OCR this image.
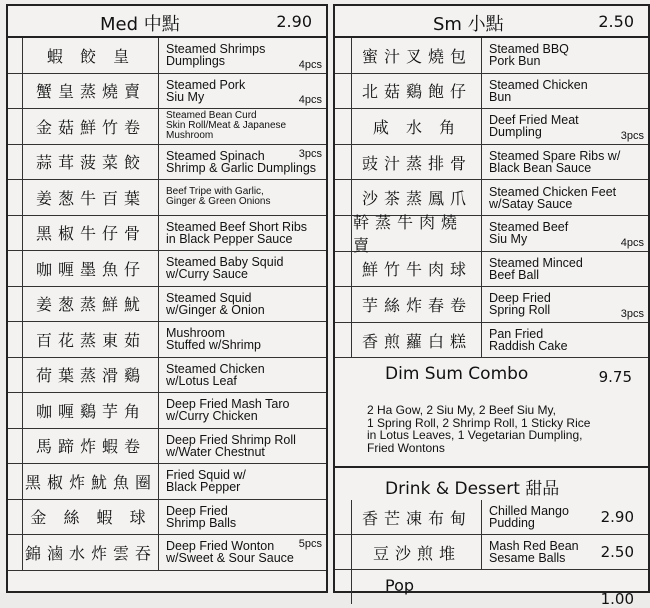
Med 中點	2.90
蝦 餃 皇	Steamed Shrimps
Dumplings	4pcs
蟹皇蒸燒賣	Steamed Pork
Siu My	4pcs
金菇鮮竹卷
Steamed Bean Curd
Skin Roll/Meat & Japanese
Mushroom
蒜茸菠菜餃	Steamed Spinach
Shrimp & Garlic Dumplings
3pcs
姜葱牛百葉	Beef Tripe with Garlic,
Ginger & Green Onions
黑椒牛仔骨	Steamed Beef Short Ribs
in Black Pepper Sauce
咖喱墨魚仔	Steamed Baby Squid
w/Curry Sauce
姜葱蒸鮮魷	Steamed Squid
w/Ginger & Onion
百花蒸東茹	Mushroom
Stuffed w/Shrimp
荷葉蒸滑鷄	Steamed Chicken
w/Lotus Leaf
咖喱鷄芋角	Deep Fried Mash Taro
w/Curry Chicken
馬蹄炸蝦卷	Deep Fried Shrimp Roll
w/Water Chestnut
黑椒炸魷魚圈 Fried Squid w/
Black Pepper
金 絲 蝦 球	Deep Fried
Shrimp Balls
錦滷水炸雲吞 Deep Fried Wonton
w/Sweet & Sour Sauce
5pcs
Sm 小點	2.50
蜜汁叉燒包	Steamed BBQ
Pork Bun
北菇鷄飽仔	Steamed Chicken
Bun
咸 水 角	Deef Fried Meat
Dumpling	3pcs
豉汁蒸排骨	Steamed Spare Ribs w/
Black Bean Sauce
沙茶蒸鳳爪	Steamed Chicken Feet
w/Satay Sauce
幹蒸牛肉燒賣
Steamed Beef
Siu My	4pcs
鮮竹牛肉球	Steamed Minced
Beef Ball
芋絲炸春卷	Deep Fried
Spring Roll	3pcs
香煎蘿白糕	Pan Fried
Raddish Cake
Dim Sum Combo	9.75
2 Ha Gow, 2 Siu My, 2 Beef Siu My,
1 Spring Roll, 2 Shrimp Roll, 1 Sticky Rice
in Lotus Leaves, 1 Vegetarian Dumpling,
Fried Wontons
Drink & Dessert 甜品
香芒凍布甸	Chilled Mango
Pudding	2.90
豆沙煎堆	Mash Red Bean
Sesame Balls	2.50
Pop
1.00
